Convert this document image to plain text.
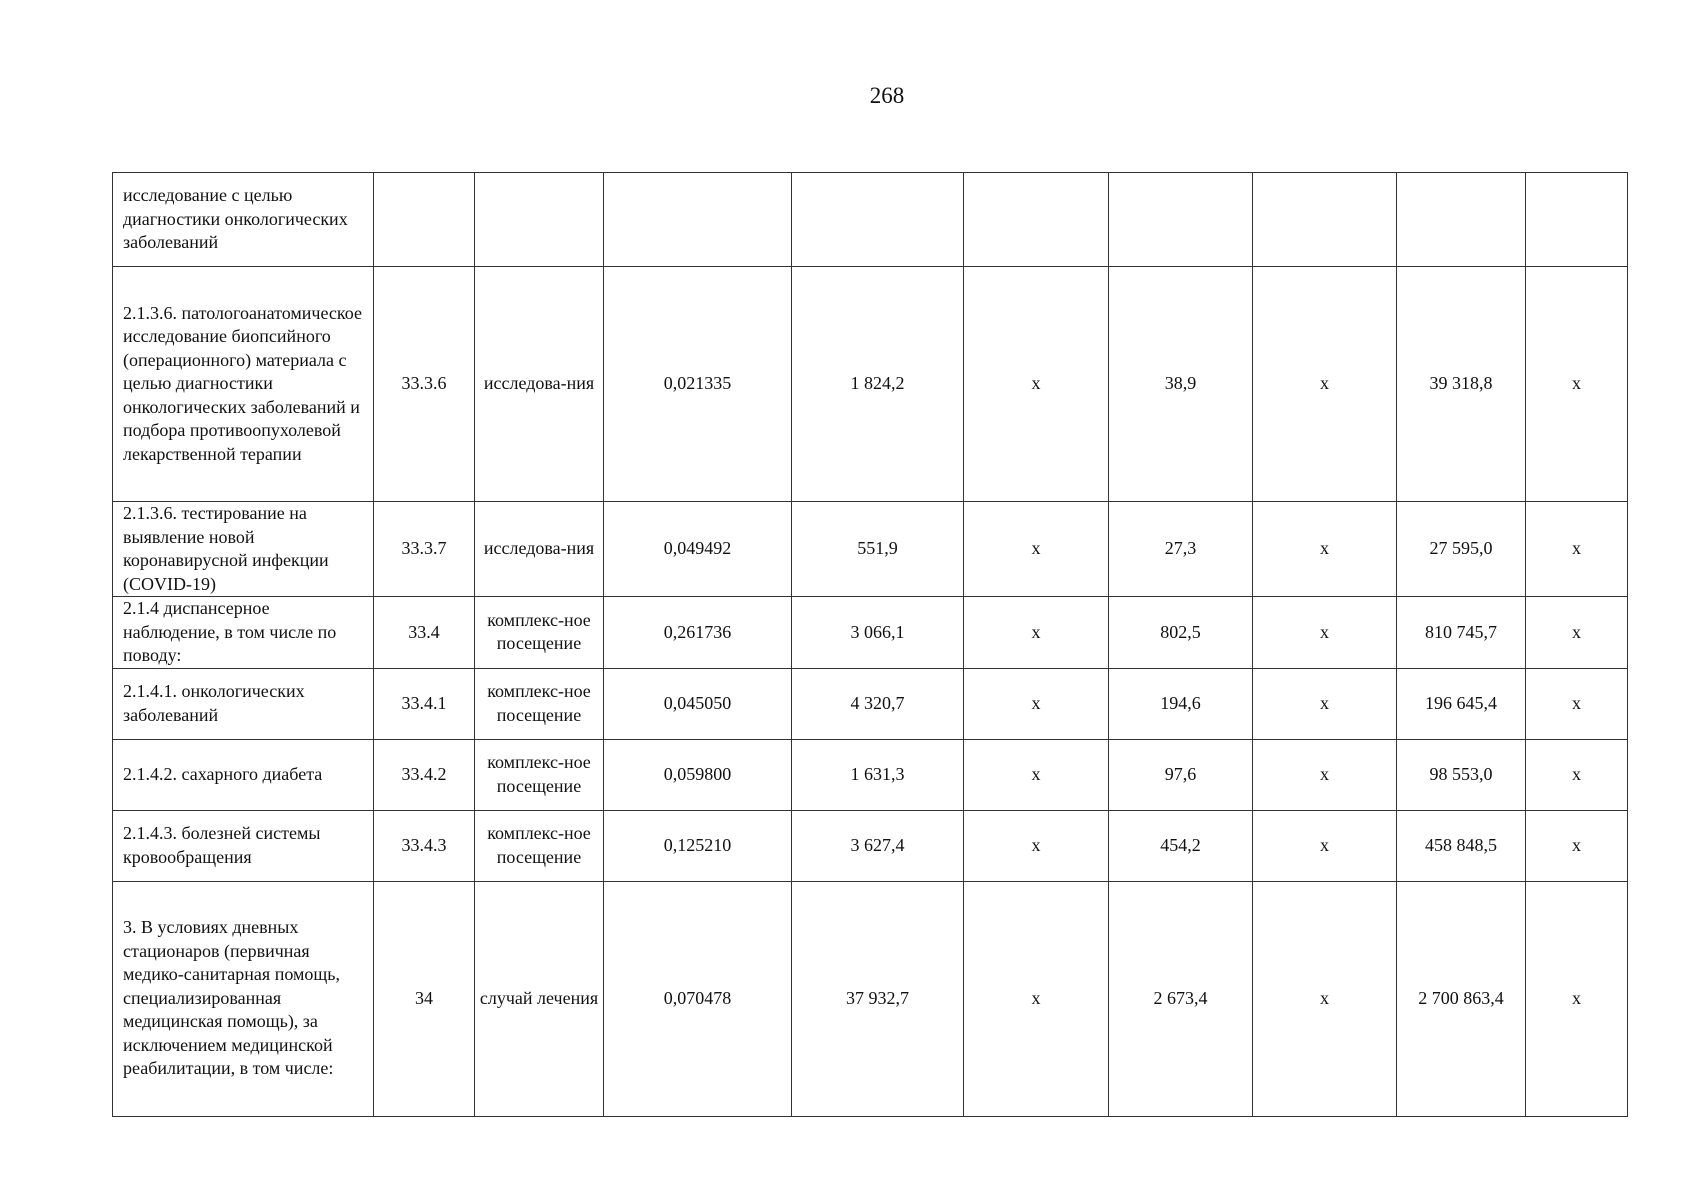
268
исследование с целью диагностики онкологических заболеваний									
2.1.3.6. патологоанатомическое исследование биопсийного (операционного) материала с целью диагностики онкологических заболеваний и подбора противоопухолевой лекарственной терапии	33.3.6	исследова-ния	0,021335	1 824,2	х	38,9	х	39 318,8	х
2.1.3.6. тестирование на выявление новой коронавирусной инфекции (COVID-19)	33.3.7	исследова-ния	0,049492	551,9	х	27,3	х	27 595,0	х
2.1.4 диспансерное наблюдение, в том числе по поводу:	33.4	комплекс-ное посещение	0,261736	3 066,1	х	802,5	х	810 745,7	х
2.1.4.1. онкологических заболеваний	33.4.1	комплекс-ное посещение	0,045050	4 320,7	х	194,6	х	196 645,4	х
2.1.4.2. сахарного диабета	33.4.2	комплекс-ное посещение	0,059800	1 631,3	х	97,6	х	98 553,0	х
2.1.4.3. болезней системы кровообращения	33.4.3	комплекс-ное посещение	0,125210	3 627,4	х	454,2	х	458 848,5	х
3. В условиях дневных стационаров (первичная медико-санитарная помощь, специализированная медицинская помощь), за исключением медицинской реабилитации, в том числе:	34	случай лечения	0,070478	37 932,7	х	2 673,4	х	2 700 863,4	х
